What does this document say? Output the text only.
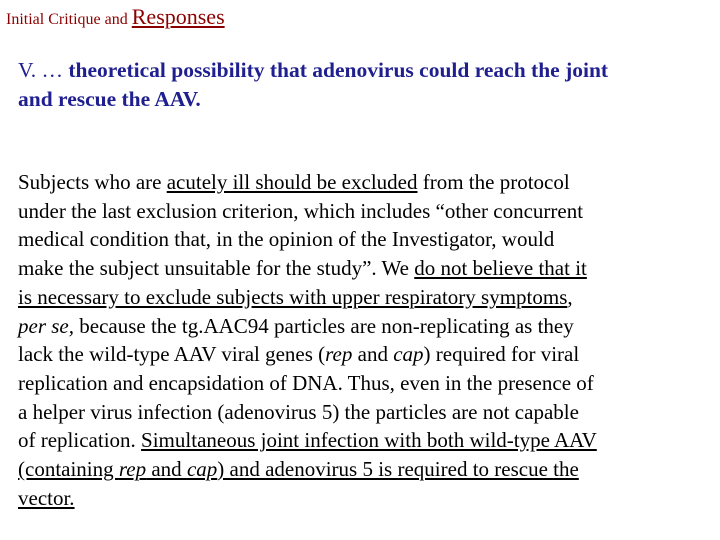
Initial Critique and Responses
V. … theoretical possibility that adenovirus could reach the joint
and rescue the AAV.
Subjects who are acutely ill should be excluded from the protocol
under the last exclusion criterion, which includes “other concurrent
medical condition that, in the opinion of the Investigator, would
make the subject unsuitable for the study”. We do not believe that it
is necessary to exclude subjects with upper respiratory symptoms,
per se, because the tg.AAC94 particles are non-replicating as they
lack the wild-type AAV viral genes (rep and cap) required for viral
replication and encapsidation of DNA. Thus, even in the presence of
a helper virus infection (adenovirus 5) the particles are not capable
of replication. Simultaneous joint infection with both wild-type AAV
(containing rep and cap) and adenovirus 5 is required to rescue the
vector.
